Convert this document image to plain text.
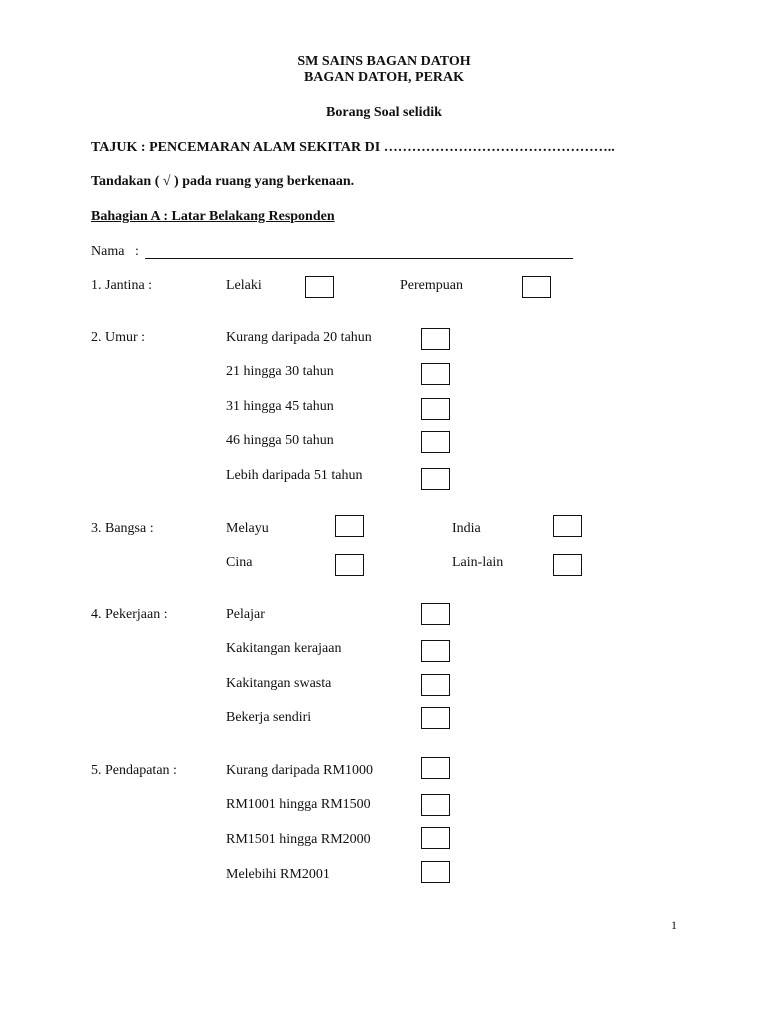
SM SAINS BAGAN DATOH
BAGAN DATOH, PERAK
Borang Soal selidik
TAJUK : PENCEMARAN ALAM SEKITAR DI …………………………………………..
Tandakan ( √ ) pada ruang yang berkenaan.
Bahagian A : Latar Belakang Responden
Nama :
1. Jantina :	Lelaki	Perempuan
2. Umur :	Kurang daripada 20 tahun
21 hingga 30 tahun
31 hingga 45 tahun
46 hingga 50 tahun
Lebih daripada 51 tahun
3. Bangsa :	Melayu	India
Cina	Lain-lain
4. Pekerjaan :	Pelajar
Kakitangan kerajaan
Kakitangan swasta
Bekerja sendiri
5. Pendapatan :	Kurang daripada RM1000
RM1001 hingga RM1500
RM1501 hingga RM2000
Melebihi RM2001
1
